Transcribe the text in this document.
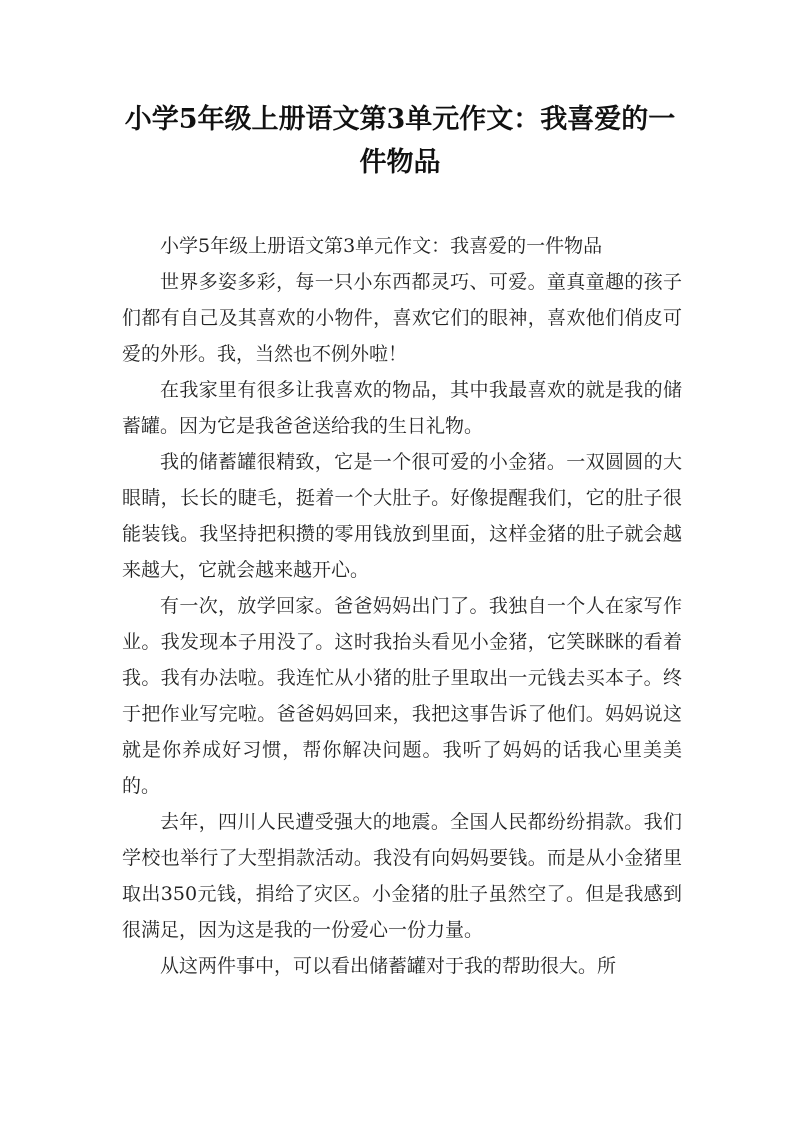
小学5年级上册语文第3单元作文：我喜爱的一件物品

小学5年级上册语文第3单元作文：我喜爱的一件物品

世界多姿多彩，每一只小东西都灵巧、可爱。童真童趣的孩子们都有自己及其喜欢的小物件，喜欢它们的眼神，喜欢他们俏皮可爱的外形。我，当然也不例外啦！

在我家里有很多让我喜欢的物品，其中我最喜欢的就是我的储蓄罐。因为它是我爸爸送给我的生日礼物。

我的储蓄罐很精致，它是一个很可爱的小金猪。一双圆圆的大眼睛，长长的睫毛，挺着一个大肚子。好像提醒我们，它的肚子很能装钱。我坚持把积攒的零用钱放到里面，这样金猪的肚子就会越来越大，它就会越来越开心。

有一次，放学回家。爸爸妈妈出门了。我独自一个人在家写作业。我发现本子用没了。这时我抬头看见小金猪，它笑眯眯的看着我。我有办法啦。我连忙从小猪的肚子里取出一元钱去买本子。终于把作业写完啦。爸爸妈妈回来，我把这事告诉了他们。妈妈说这就是你养成好习惯，帮你解决问题。我听了妈妈的话我心里美美的。

去年，四川人民遭受强大的地震。全国人民都纷纷捐款。我们学校也举行了大型捐款活动。我没有向妈妈要钱。而是从小金猪里取出350元钱，捐给了灾区。小金猪的肚子虽然空了。但是我感到很满足，因为这是我的一份爱心一份力量。

从这两件事中，可以看出储蓄罐对于我的帮助很大。所
